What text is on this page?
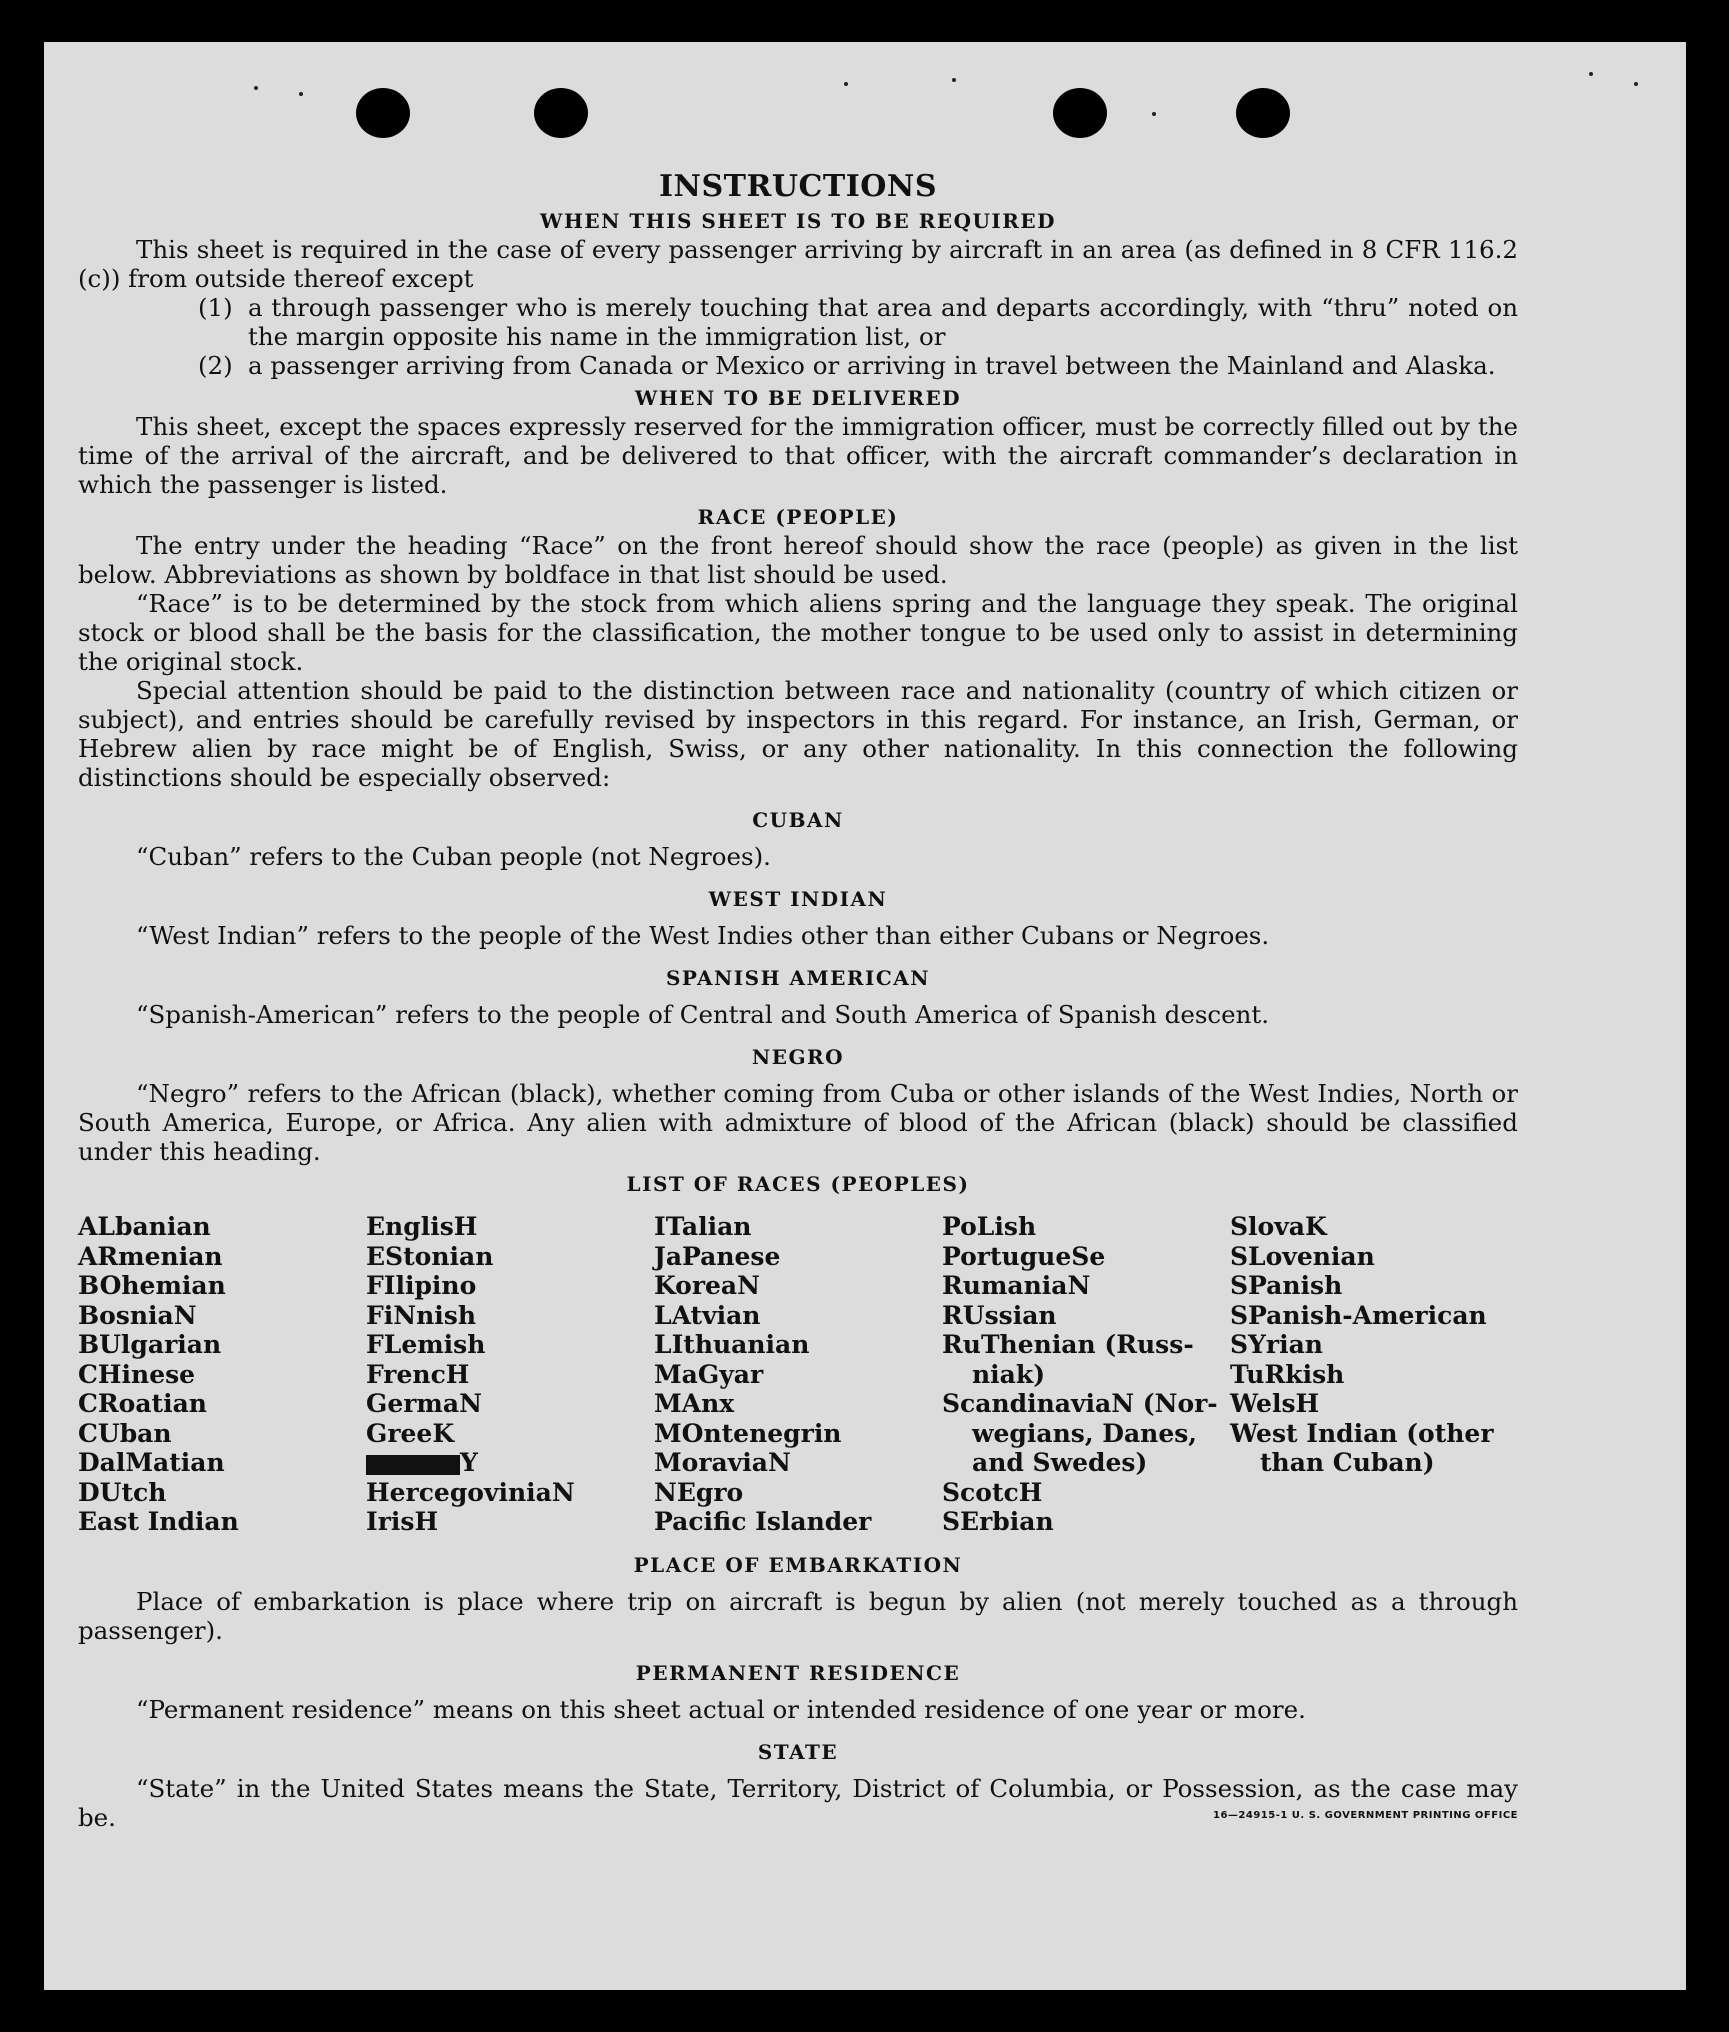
INSTRUCTIONS
WHEN THIS SHEET IS TO BE REQUIRED

This sheet is required in the case of every passenger arriving by aircraft in an area (as defined in 8 CFR 116.2 (c)) from outside thereof except

(1) a through passenger who is merely touching that area and departs accordingly, with “thru” noted on the margin opposite his name in the immigration list, or
(2) a passenger arriving from Canada or Mexico or arriving in travel between the Mainland and Alaska.
WHEN TO BE DELIVERED

This sheet, except the spaces expressly reserved for the immigration officer, must be correctly filled out by the time of the arrival of the aircraft, and be delivered to that officer, with the aircraft commander’s declaration in which the passenger is listed.

RACE (PEOPLE)

The entry under the heading “Race” on the front hereof should show the race (people) as given in the list below. Abbreviations as shown by boldface in that list should be used.

“Race” is to be determined by the stock from which aliens spring and the language they speak. The original stock or blood shall be the basis for the classification, the mother tongue to be used only to assist in determining the original stock.

Special attention should be paid to the distinction between race and nationality (country of which citizen or subject), and entries should be carefully revised by inspectors in this regard. For instance, an Irish, German, or Hebrew alien by race might be of English, Swiss, or any other nationality. In this connection the following distinctions should be especially observed:

CUBAN

“Cuban” refers to the Cuban people (not Negroes).

WEST INDIAN

“West Indian” refers to the people of the West Indies other than either Cubans or Negroes.

SPANISH AMERICAN

“Spanish-American” refers to the people of Central and South America of Spanish descent.

NEGRO

“Negro” refers to the African (black), whether coming from Cuba or other islands of the West Indies, North or South America, Europe, or Africa. Any alien with admixture of blood of the African (black) should be classified under this heading.

LIST OF RACES (PEOPLES)
ALbanian
ARmenian
BOhemian
BosniaN
BUlgarian
CHinese
CRoatian
CUban
DalMatian
DUtch
East Indian
EnglisH
EStonian
FIlipino
FiNnish
FLemish
FrencH
GermaN
GreeK
Y
HercegoviniaN
IrisH
ITalian
JaPanese
KoreaN
LAtvian
LIthuanian
MaGyar
MAnx
MOntenegrin
MoraviaN
NEgro
Pacific Islander
PoLish
PortugueSe
RumaniaN
RUssian
RuThenian (Russ-
niak)
ScandinaviaN (Nor-
wegians, Danes,
and Swedes)
ScotcH
SErbian
SlovaK
SLovenian
SPanish
SPanish-American
SYrian
TuRkish
WelsH
West Indian (other
than Cuban)
PLACE OF EMBARKATION

Place of embarkation is place where trip on aircraft is begun by alien (not merely touched as a through passenger).

PERMANENT RESIDENCE

“Permanent residence” means on this sheet actual or intended residence of one year or more.

STATE

“State” in the United States means the State, Territory, District of Columbia, or Possession, as the case may be.	16—24915-1 U. S. GOVERNMENT PRINTING OFFICE
